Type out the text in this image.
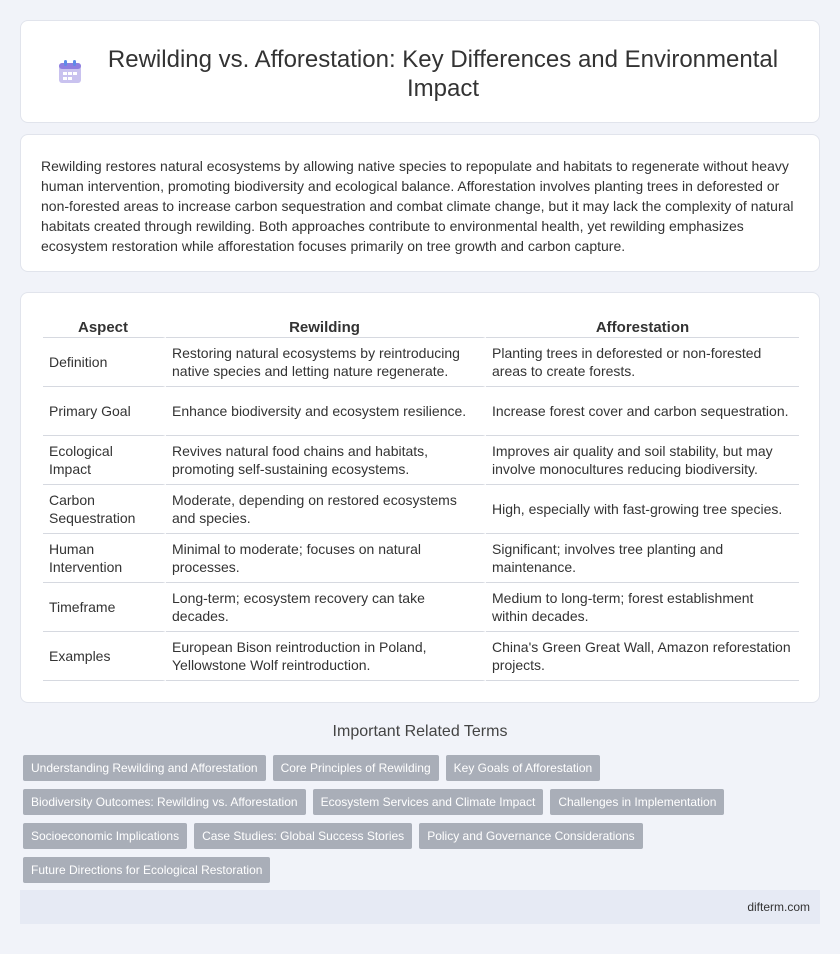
Rewilding vs. Afforestation: Key Differences and Environmental Impact

Rewilding restores natural ecosystems by allowing native species to repopulate and habitats to regenerate without heavy human intervention, promoting biodiversity and ecological balance. Afforestation involves planting trees in deforested or non-forested areas to increase carbon sequestration and combat climate change, but it may lack the complexity of natural habitats created through rewilding. Both approaches contribute to environmental health, yet rewilding emphasizes ecosystem restoration while afforestation focuses primarily on tree growth and carbon capture.

Aspect	Rewilding	Afforestation
Definition	Restoring natural ecosystems by reintroducing native species and letting nature regenerate.	Planting trees in deforested or non-forested areas to create forests.
Primary Goal	Enhance biodiversity and ecosystem resilience.	Increase forest cover and carbon sequestration.
Ecological Impact	Revives natural food chains and habitats, promoting self-sustaining ecosystems.	Improves air quality and soil stability, but may involve monocultures reducing biodiversity.
Carbon Sequestration	Moderate, depending on restored ecosystems and species.	High, especially with fast-growing tree species.
Human Intervention	Minimal to moderate; focuses on natural processes.	Significant; involves tree planting and maintenance.
Timeframe	Long-term; ecosystem recovery can take decades.	Medium to long-term; forest establishment within decades.
Examples	European Bison reintroduction in Poland, Yellowstone Wolf reintroduction.	China's Green Great Wall, Amazon reforestation projects.
Important Related Terms
Understanding Rewilding and Afforestation	Core Principles of Rewilding	Key Goals of Afforestation
Biodiversity Outcomes: Rewilding vs. Afforestation	Ecosystem Services and Climate Impact	Challenges in Implementation
Socioeconomic Implications	Case Studies: Global Success Stories	Policy and Governance Considerations
Future Directions for Ecological Restoration
difterm.com
